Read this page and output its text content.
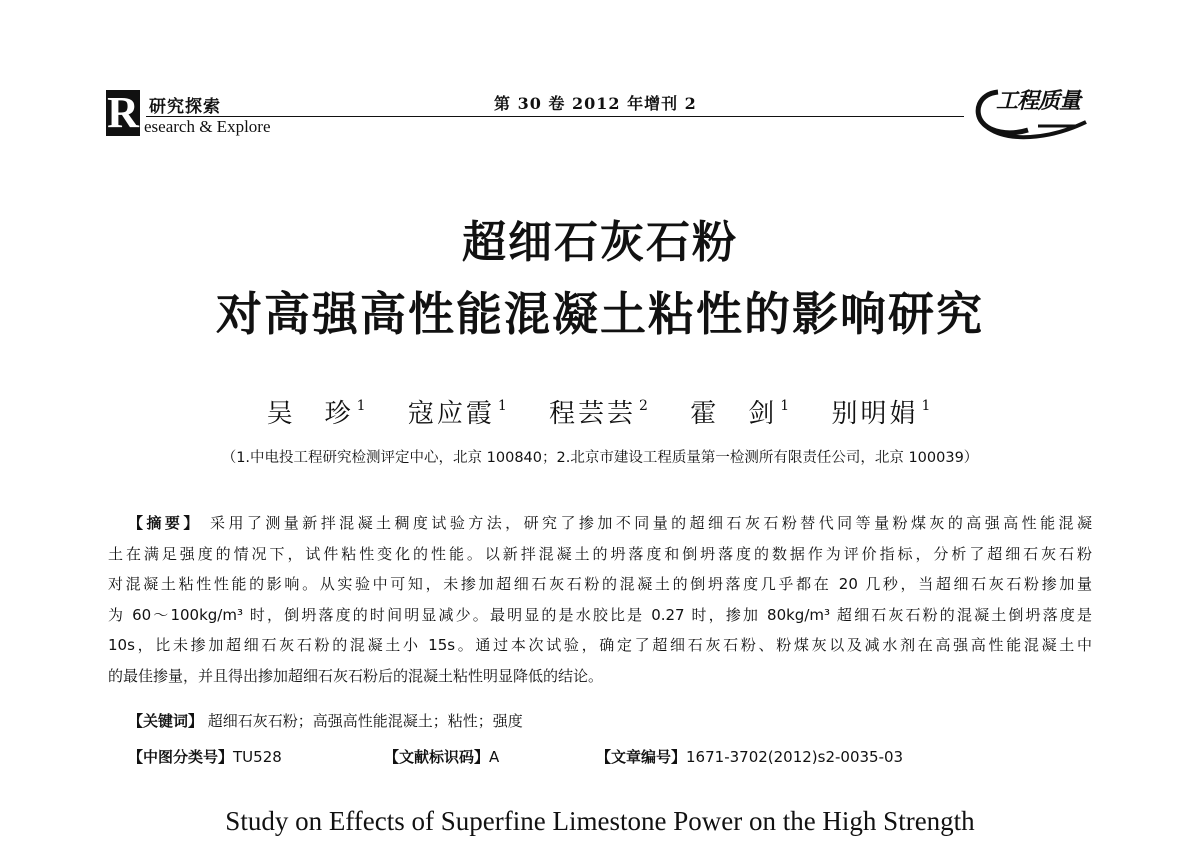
R 研究探索
esearch & Explore
第 30 卷 2012 年增刊 2	工程质量
超细石灰石粉
对高强高性能混凝土粘性的影响研究
吴　珍 $^1$ 寇应霞 $^1$ 程芸芸 $^2$ 霍　剑 $^1$ 别明娟 $^1$
（1.中电投工程研究检测评定中心，北京 100840；2.北京市建设工程质量第一检测所有限责任公司，北京 100039）
【摘要】 采用了测量新拌混凝土稠度试验方法，研究了掺加不同量的超细石灰石粉替代同等量粉煤灰的高强高性能混凝
土在满足强度的情况下，试件粘性变化的性能。以新拌混凝土的坍落度和倒坍落度的数据作为评价指标，分析了超细石灰石粉
对混凝土粘性性能的影响。从实验中可知，未掺加超细石灰石粉的混凝土的倒坍落度几乎都在 20 几秒，当超细石灰石粉掺加量
为 60～100kg/m³ 时，倒坍落度的时间明显减少。最明显的是水胶比是 0.27 时，掺加 80kg/m³ 超细石灰石粉的混凝土倒坍落度是
10s，比未掺加超细石灰石粉的混凝土小 15s。通过本次试验，确定了超细石灰石粉、粉煤灰以及减水剂在高强高性能混凝土中
的最佳掺量，并且得出掺加超细石灰石粉后的混凝土粘性明显降低的结论。
【关键词】 超细石灰石粉；高强高性能混凝土；粘性；强度
【中图分类号】TU528	【文献标识码】A	【文章编号】1671-3702(2012)s2-0035-03
Study on Effects of Superfine Limestone Power on the High Strength
